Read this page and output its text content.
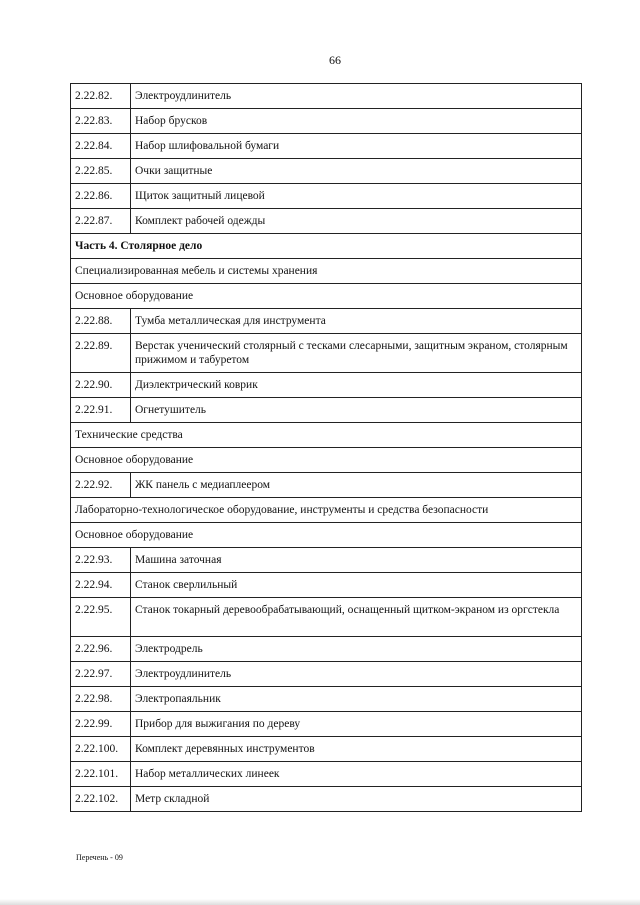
66
2.22.82.	Электроудлинитель
2.22.83.	Набор брусков
2.22.84.	Набор шлифовальной бумаги
2.22.85.	Очки защитные
2.22.86.	Щиток защитный лицевой
2.22.87.	Комплект рабочей одежды
Часть 4. Столярное дело	
Специализированная мебель и системы хранения	
Основное оборудование	
2.22.88.	Тумба металлическая для инструмента
2.22.89.	Верстак ученический столярный с тесками слесарными, защитным экраном, столярным прижимом и табуретом
2.22.90.	Диэлектрический коврик
2.22.91.	Огнетушитель
Технические средства	
Основное оборудование	
2.22.92.	ЖК панель с медиаплеером
Лабораторно-технологическое оборудование, инструменты и средства безопасности	
Основное оборудование	
2.22.93.	Машина заточная
2.22.94.	Станок сверлильный
2.22.95.	Станок токарный деревообрабатывающий, оснащенный щитком-экраном из оргстекла
2.22.96.	Электродрель
2.22.97.	Электроудлинитель
2.22.98.	Электропаяльник
2.22.99.	Прибор для выжигания по дереву
2.22.100.	Комплект деревянных инструментов
2.22.101.	Набор металлических линеек
2.22.102.	Метр складной
Перечень - 09
